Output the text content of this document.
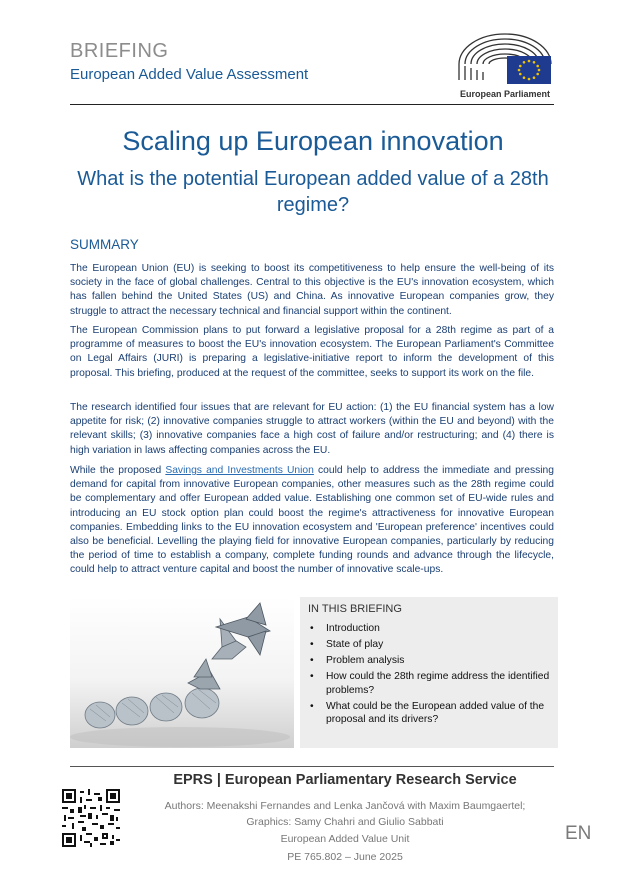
BRIEFING
European Added Value Assessment
European Parliament
Scaling up European innovation
What is the potential European added value of a 28th regime?
SUMMARY
The European Union (EU) is seeking to boost its competitiveness to help ensure the well-being of its society in the face of global challenges. Central to this objective is the EU's innovation ecosystem, which has fallen behind the United States (US) and China. As innovative European companies grow, they struggle to attract the necessary technical and financial support within the continent.
The European Commission plans to put forward a legislative proposal for a 28th regime as part of a programme of measures to boost the EU's innovation ecosystem. The European Parliament's Committee on Legal Affairs (JURI) is preparing a legislative-initiative report to inform the development of this proposal. This briefing, produced at the request of the committee, seeks to support its work on the file.
The research identified four issues that are relevant for EU action: (1) the EU financial system has a low appetite for risk; (2) innovative companies struggle to attract workers (within the EU and beyond) with the relevant skills; (3) innovative companies face a high cost of failure and/or restructuring; and (4) there is high variation in laws affecting companies across the EU.
While the proposed Savings and Investments Union could help to address the immediate and pressing demand for capital from innovative European companies, other measures such as the 28th regime could be complementary and offer European added value. Establishing one common set of EU-wide rules and introducing an EU stock option plan could boost the regime's attractiveness for innovative European companies. Embedding links to the EU innovation ecosystem and 'European preference' incentives could also be beneficial. Levelling the playing field for innovative European companies, particularly by reducing the period of time to establish a company, complete funding rounds and advance through the lifecycle, could help to attract venture capital and boost the number of innovative scale-ups.
IN THIS BRIEFING
• Introduction
• State of play
• Problem analysis
• How could the 28th regime address the identified problems?
• What could be the European added value of the proposal and its drivers?
EPRS | European Parliamentary Research Service
Authors: Meenakshi Fernandes and Lenka Jančová with Maxim Baumgaertel;
Graphics: Samy Chahri and Giulio Sabbati
European Added Value Unit
PE 765.802 – June 2025
EN
